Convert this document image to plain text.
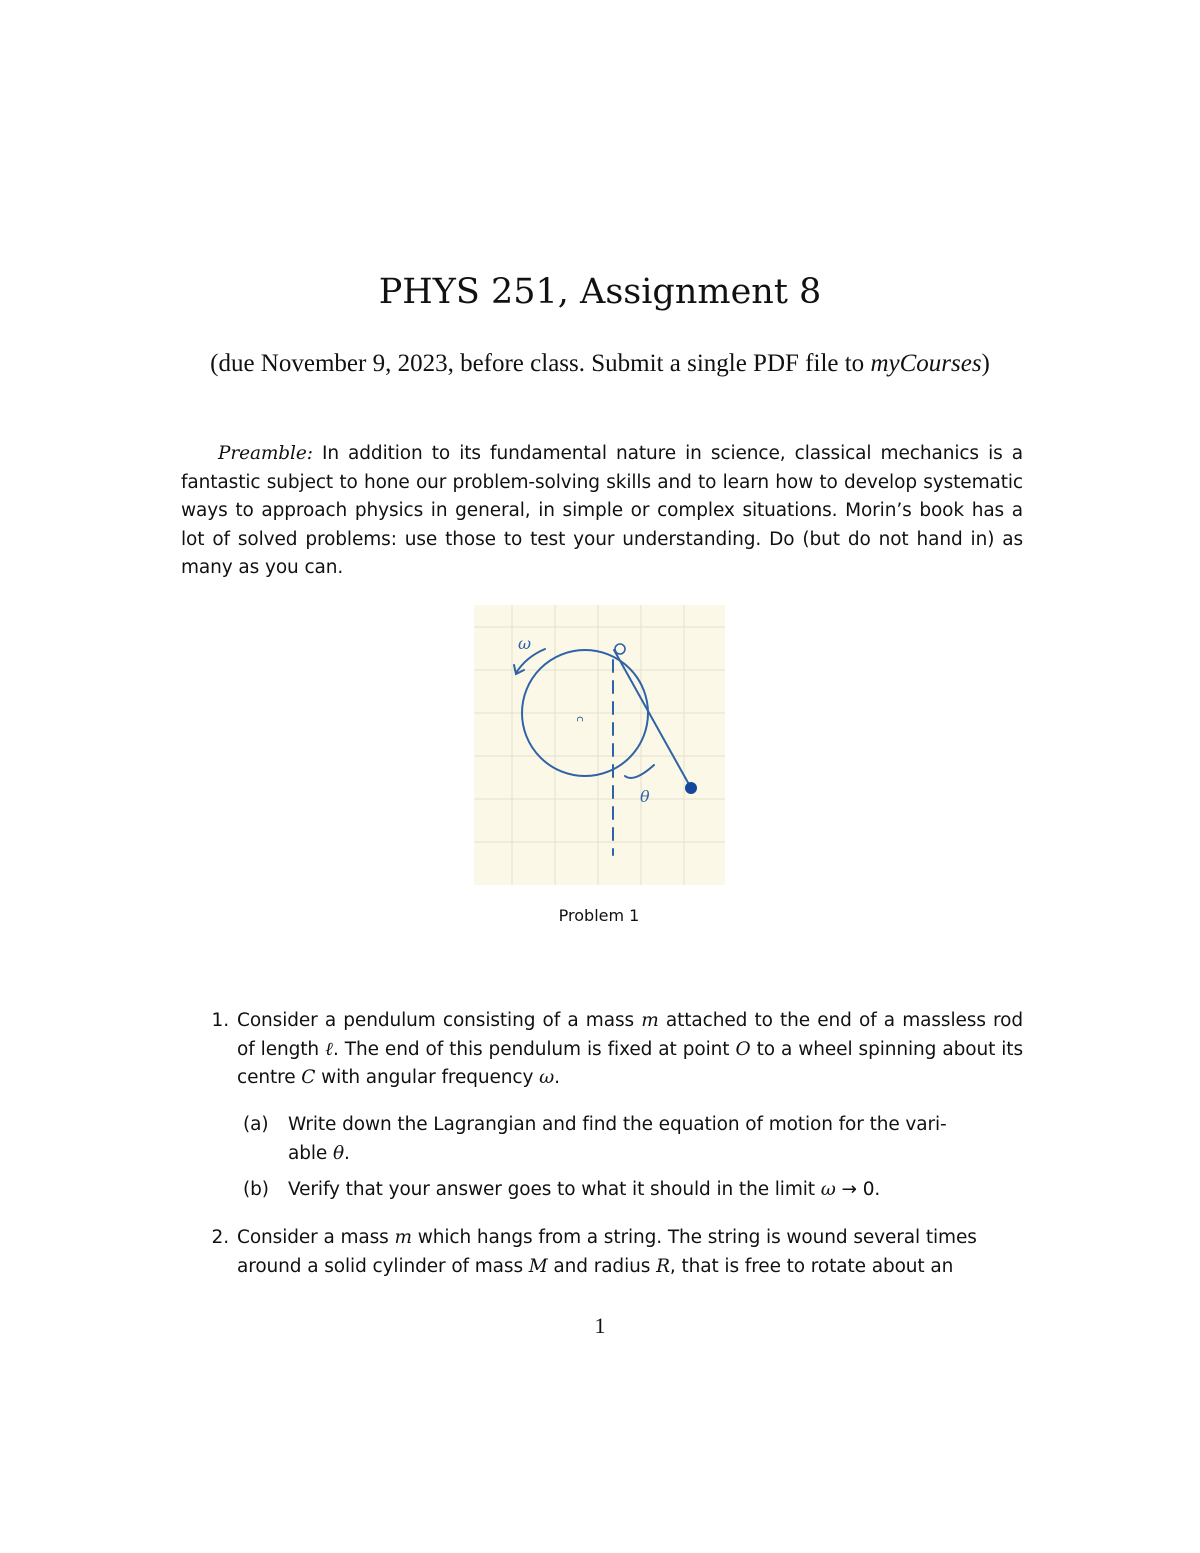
PHYS 251, Assignment 8
(due November 9, 2023, before class. Submit a single PDF file to myCourses)
Preamble: In addition to its fundamental nature in science, classical mechanics is a fantastic subject to hone our problem-solving skills and to learn how to develop systematic ways to approach physics in general, in simple or complex situations. Morin’s book has a lot of solved problems: use those to test your understanding. Do (but do not hand in) as many as you can.
ω
c
θ
Problem 1
1. Consider a pendulum consisting of a mass m attached to the end of a massless rod of length ℓ. The end of this pendulum is fixed at point O to a wheel spinning about its centre C with angular frequency ω.
(a) Write down the Lagrangian and find the equation of motion for the vari-
able θ.
(b) Verify that your answer goes to what it should in the limit ω → 0.
2. Consider a mass m which hangs from a string. The string is wound several times
around a solid cylinder of mass M and radius R, that is free to rotate about an
1
